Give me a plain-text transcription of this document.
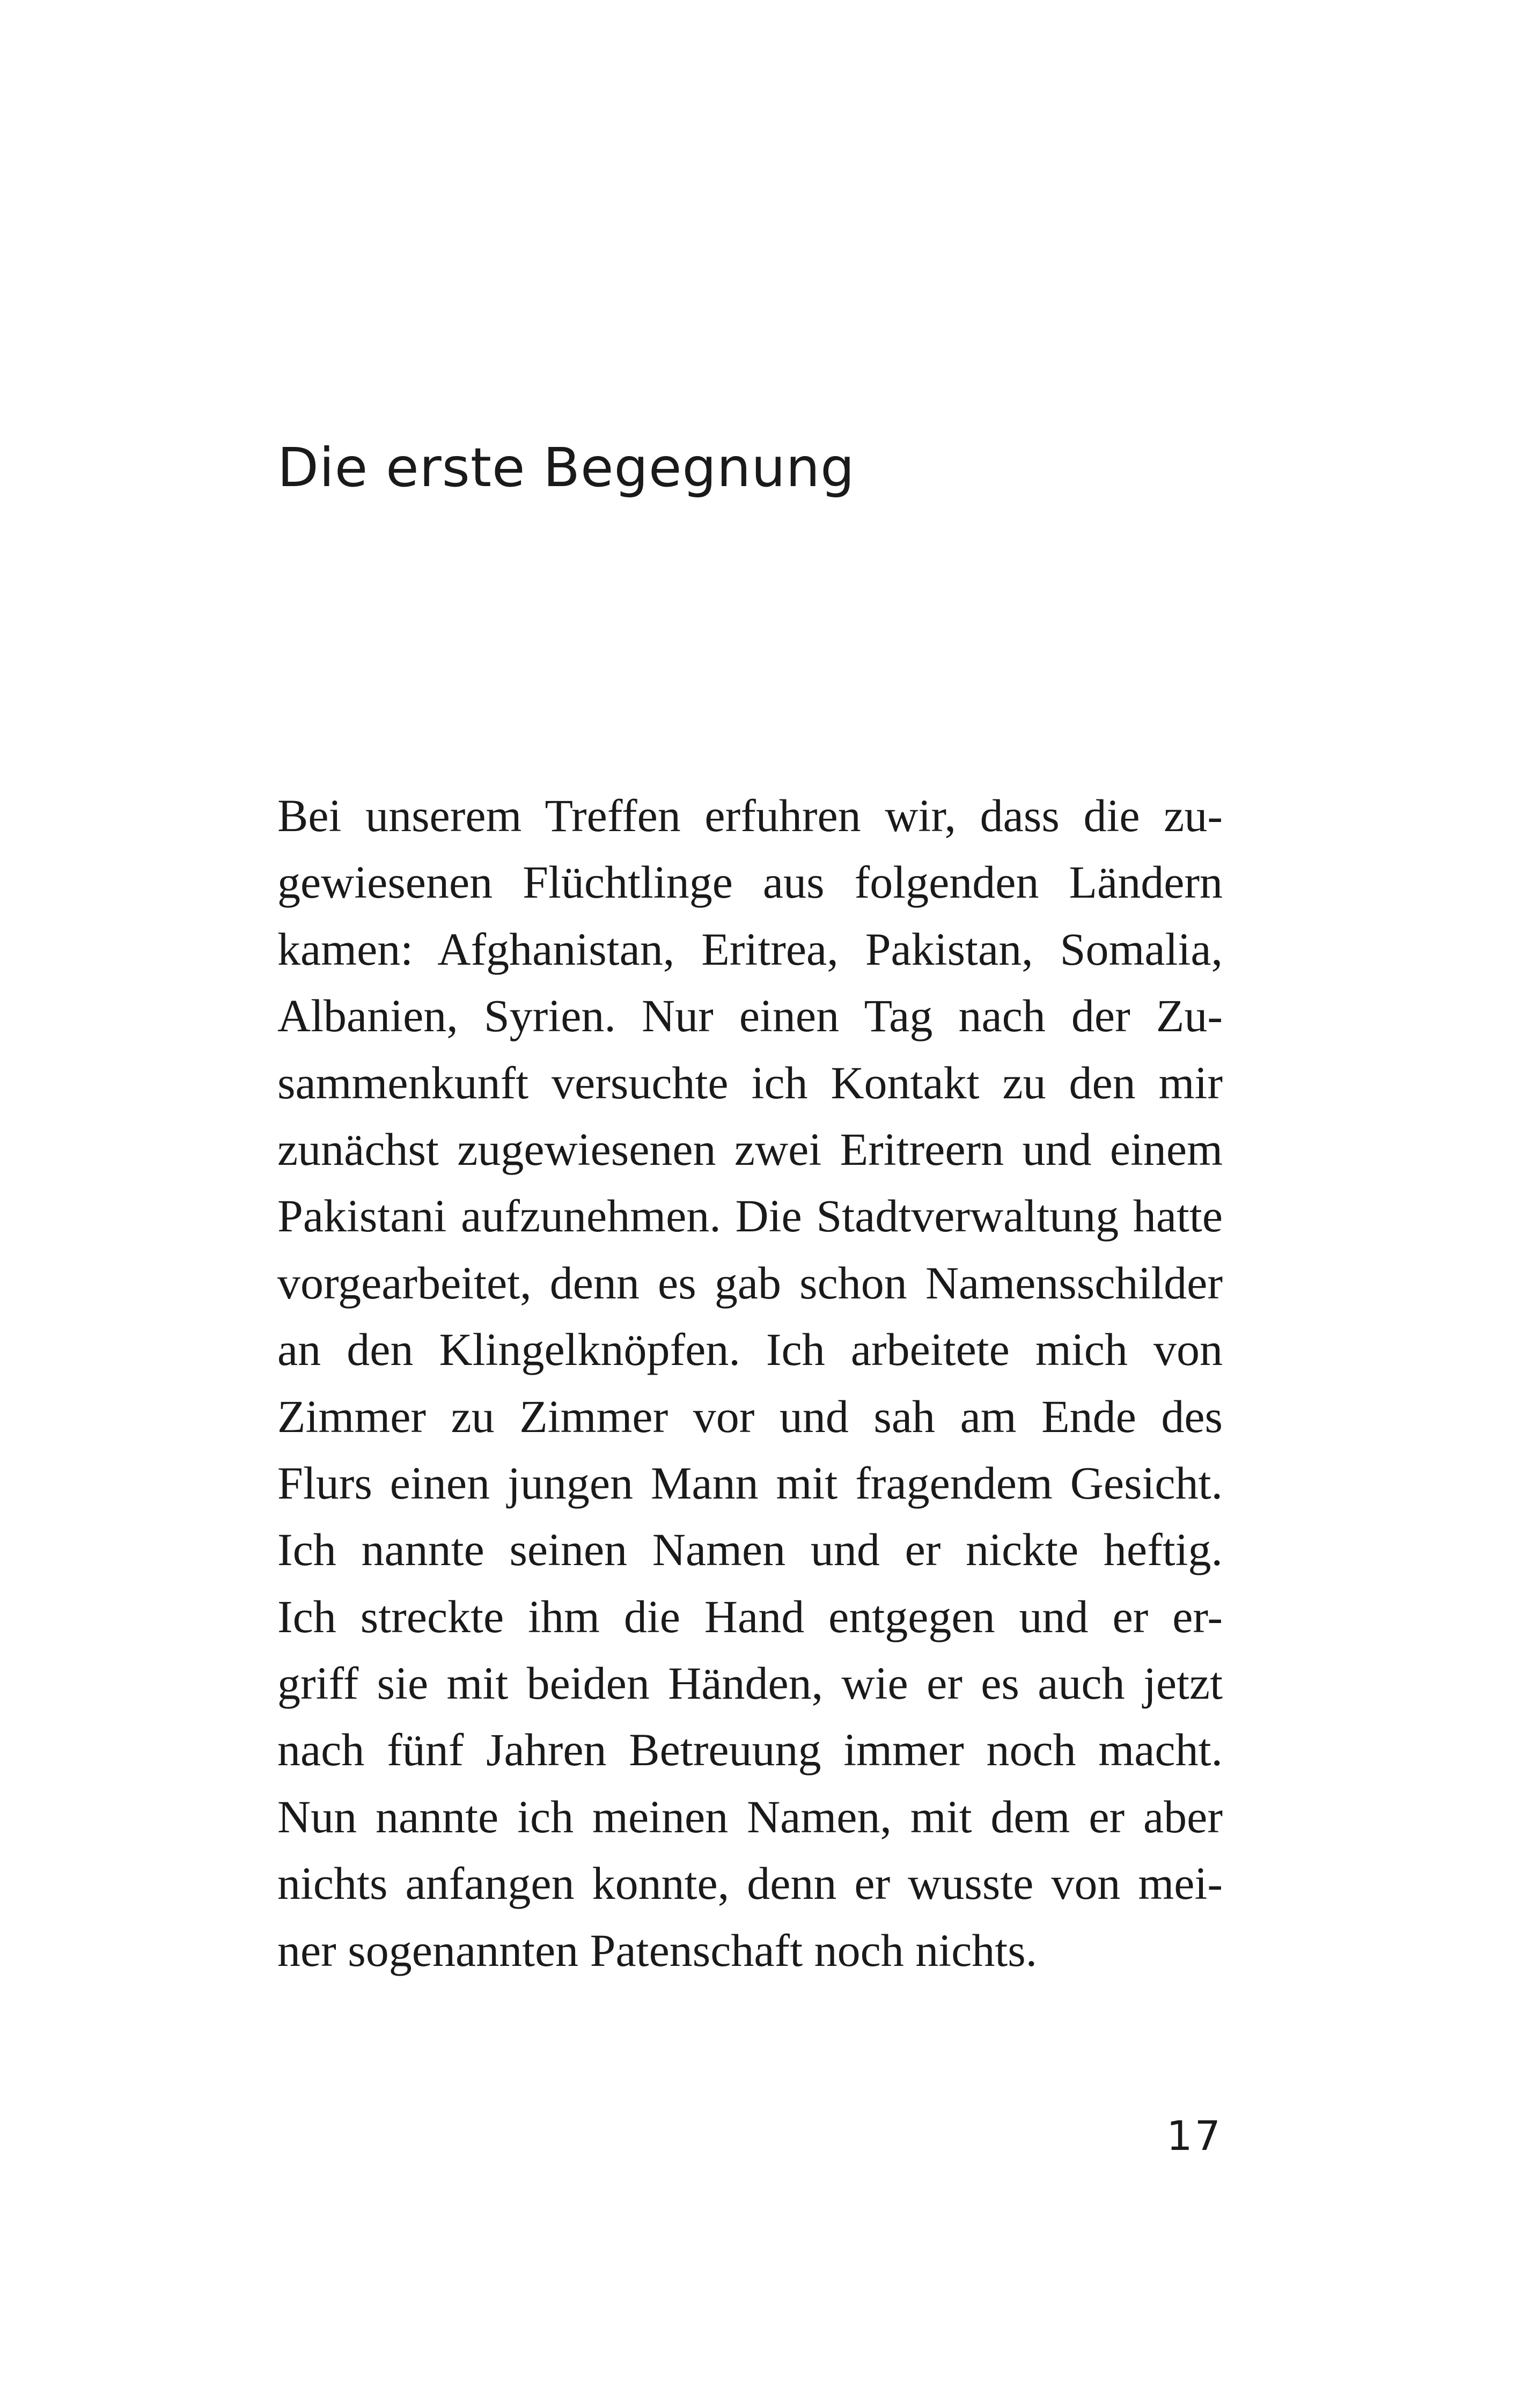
Die erste Begegnung
Bei unserem Treffen erfuhren wir, dass die zu-
gewiesenen Flüchtlinge aus folgenden Ländern
kamen: Afghanistan, Eritrea, Pakistan, Somalia,
Albanien, Syrien. Nur einen Tag nach der Zu-
sammenkunft versuchte ich Kontakt zu den mir
zunächst zugewiesenen zwei Eritreern und einem
Pakistani aufzunehmen. Die Stadtverwaltung hatte
vorgearbeitet, denn es gab schon Namensschilder
an den Klingelknöpfen. Ich arbeitete mich von
Zimmer zu Zimmer vor und sah am Ende des
Flurs einen jungen Mann mit fragendem Gesicht.
Ich nannte seinen Namen und er nickte heftig.
Ich streckte ihm die Hand entgegen und er er-
griff sie mit beiden Händen, wie er es auch jetzt
nach fünf Jahren Betreuung immer noch macht.
Nun nannte ich meinen Namen, mit dem er aber
nichts anfangen konnte, denn er wusste von mei-
ner sogenannten Patenschaft noch nichts.

17
